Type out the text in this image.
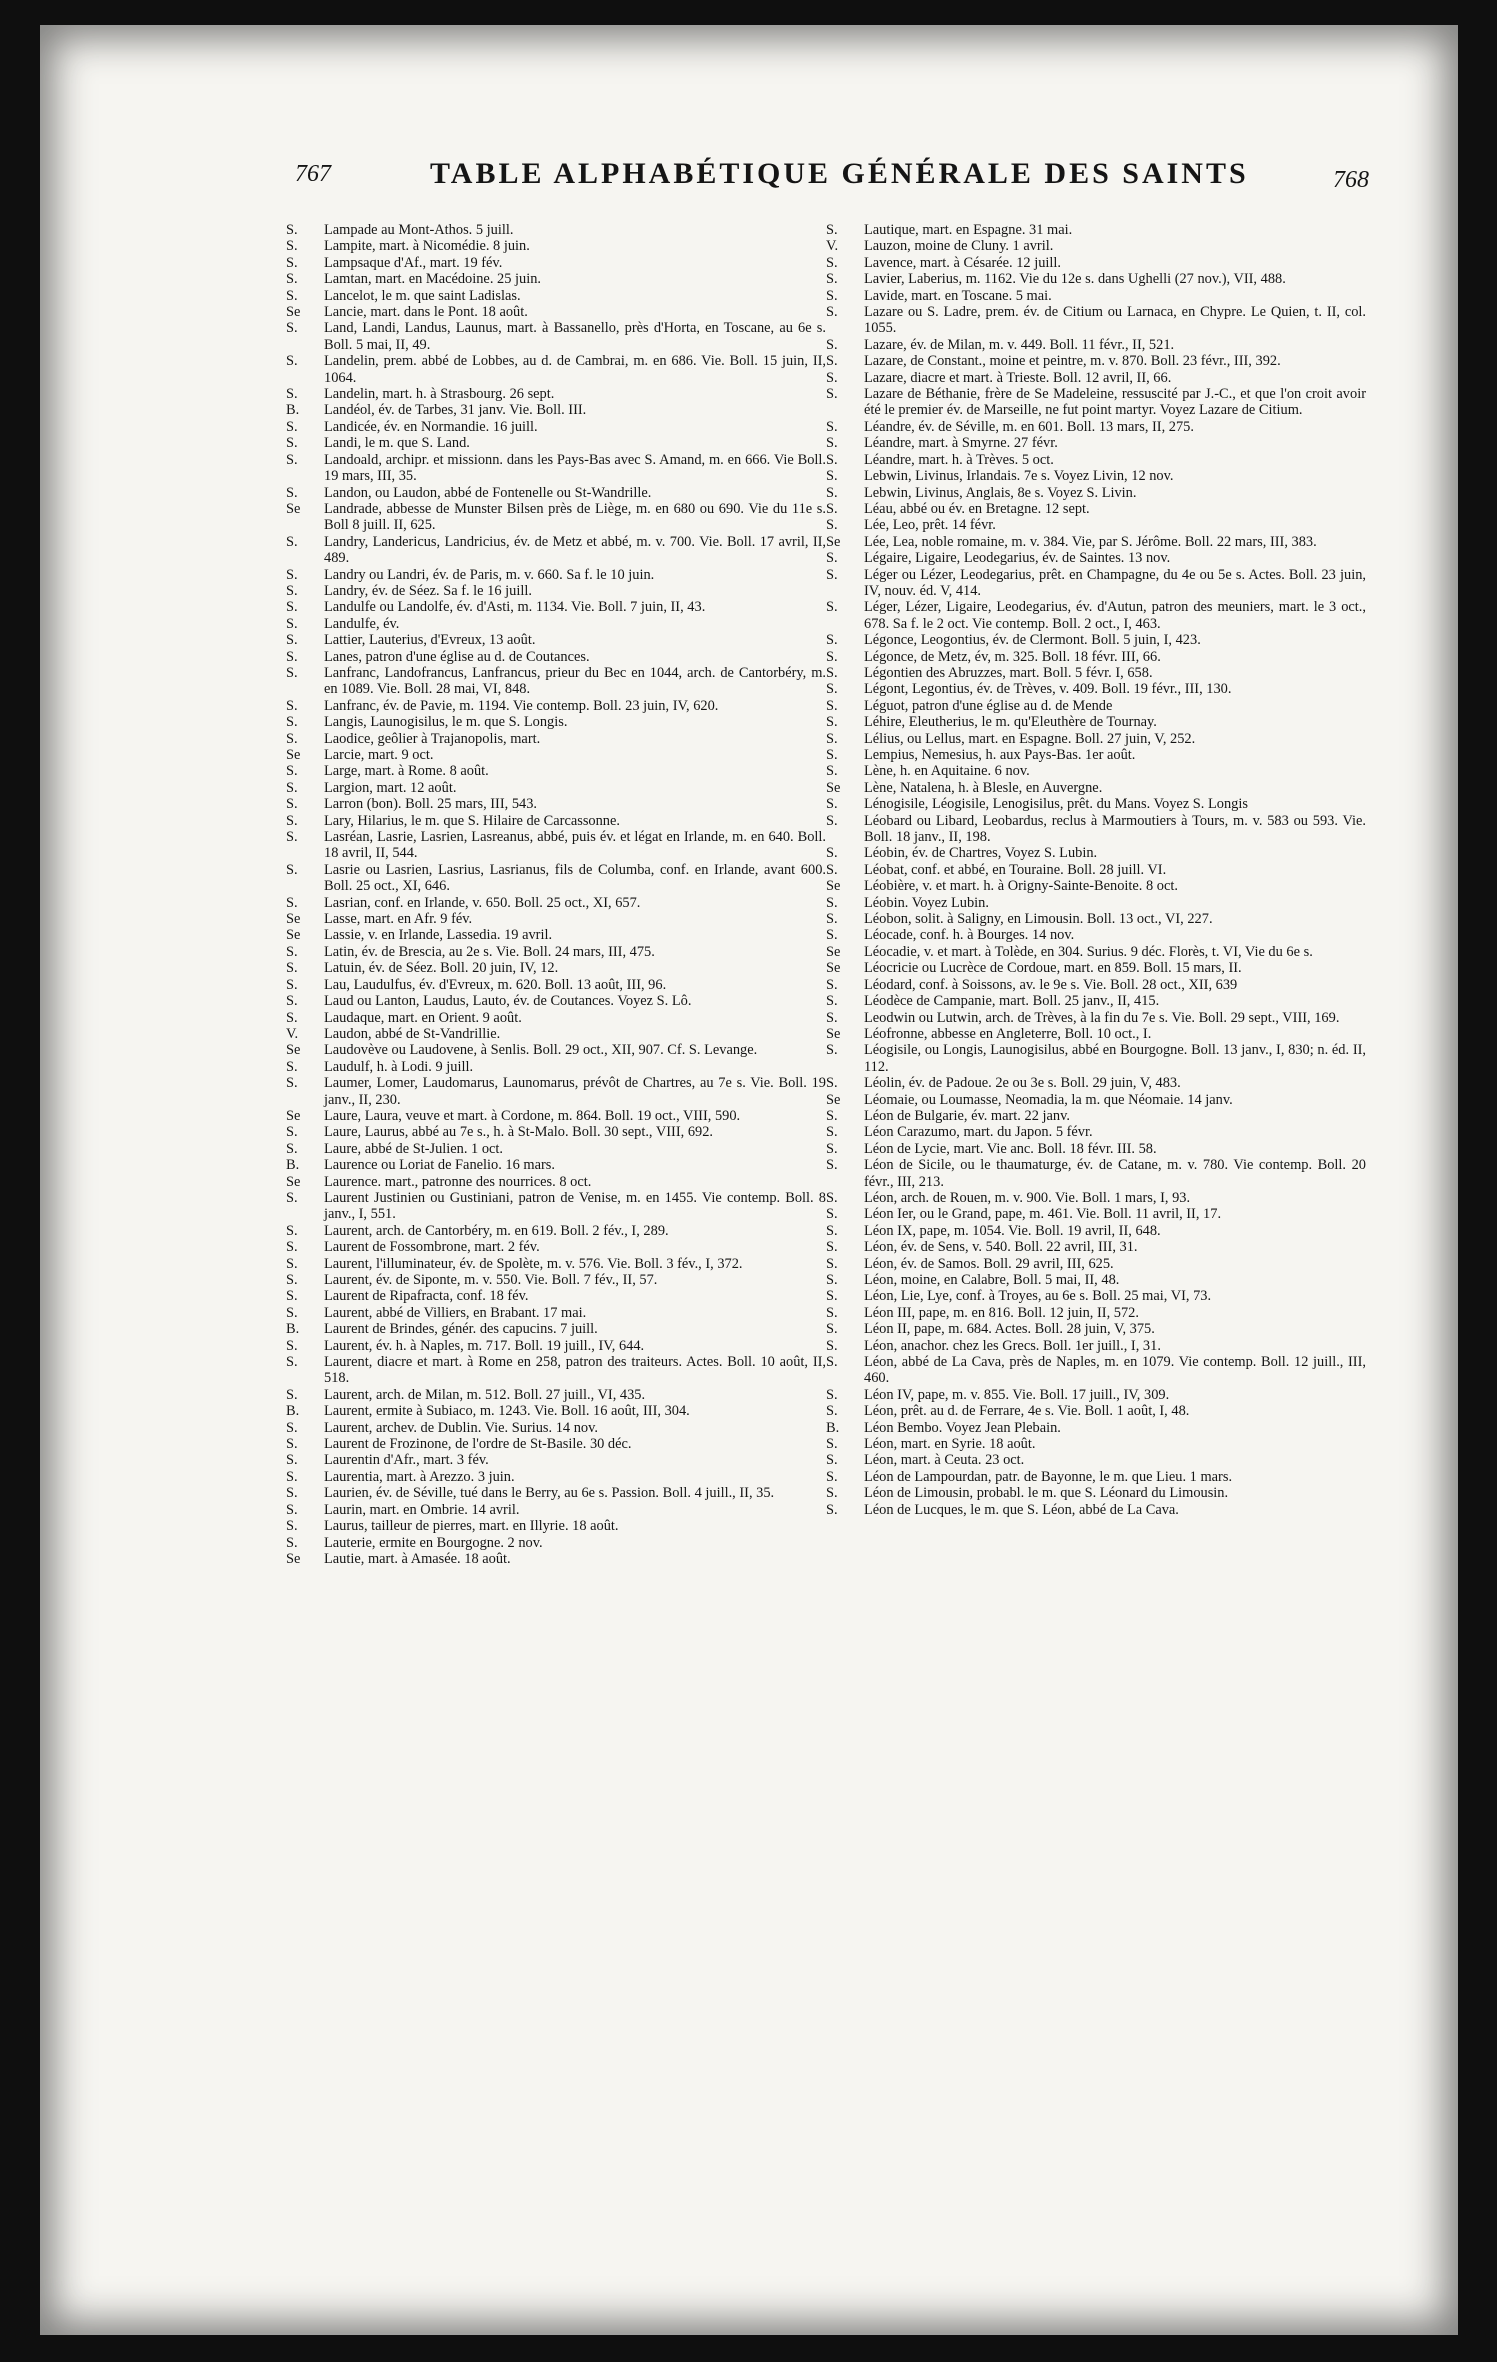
767	TABLE ALPHABÉTIQUE GÉNÉRALE DES SAINTS	768

S. Lampade au Mont-Athos. 5 juill.

S. Lampite, mart. à Nicomédie. 8 juin.

S. Lampsaque d'Af., mart. 19 fév.

S. Lamtan, mart. en Macédoine. 25 juin.

S. Lancelot, le m. que saint Ladislas.

Se Lancie, mart. dans le Pont. 18 août.

S. Land, Landi, Landus, Launus, mart. à Bassanello, près d'Horta, en Toscane, au 6e s. Boll. 5 mai, II, 49.

S. Landelin, prem. abbé de Lobbes, au d. de Cambrai, m. en 686. Vie. Boll. 15 juin, II, 1064.

S. Landelin, mart. h. à Strasbourg. 26 sept.

B. Landéol, év. de Tarbes, 31 janv. Vie. Boll. III.

S. Landicée, év. en Normandie. 16 juill.

S. Landi, le m. que S. Land.

S. Landoald, archipr. et missionn. dans les Pays-Bas avec S. Amand, m. en 666. Vie Boll. 19 mars, III, 35.

S. Landon, ou Laudon, abbé de Fontenelle ou St-Wandrille.

Se Landrade, abbesse de Munster Bilsen près de Liège, m. en 680 ou 690. Vie du 11e s. Boll 8 juill. II, 625.

S. Landry, Landericus, Landricius, év. de Metz et abbé, m. v. 700. Vie. Boll. 17 avril, II, 489.

S. Landry ou Landri, év. de Paris, m. v. 660. Sa f. le 10 juin.

S. Landry, év. de Séez. Sa f. le 16 juill.

S. Landulfe ou Landolfe, év. d'Asti, m. 1134. Vie. Boll. 7 juin, II, 43.

S. Landulfe, év.

S. Lattier, Lauterius, d'Evreux, 13 août.

S. Lanes, patron d'une église au d. de Coutances.

S. Lanfranc, Landofrancus, Lanfrancus, prieur du Bec en 1044, arch. de Cantorbéry, m. en 1089. Vie. Boll. 28 mai, VI, 848.

S. Lanfranc, év. de Pavie, m. 1194. Vie contemp. Boll. 23 juin, IV, 620.

S. Langis, Launogisilus, le m. que S. Longis.

S. Laodice, geôlier à Trajanopolis, mart.

Se Larcie, mart. 9 oct.

S. Large, mart. à Rome. 8 août.

S. Largion, mart. 12 août.

S. Larron (bon). Boll. 25 mars, III, 543.

S. Lary, Hilarius, le m. que S. Hilaire de Carcassonne.

S. Lasréan, Lasrie, Lasrien, Lasreanus, abbé, puis év. et légat en Irlande, m. en 640. Boll. 18 avril, II, 544.

S. Lasrie ou Lasrien, Lasrius, Lasrianus, fils de Columba, conf. en Irlande, avant 600. Boll. 25 oct., XI, 646.

S. Lasrian, conf. en Irlande, v. 650. Boll. 25 oct., XI, 657.

Se Lasse, mart. en Afr. 9 fév.

Se Lassie, v. en Irlande, Lassedia. 19 avril.

S. Latin, év. de Brescia, au 2e s. Vie. Boll. 24 mars, III, 475.

S. Latuin, év. de Séez. Boll. 20 juin, IV, 12.

S. Lau, Laudulfus, év. d'Evreux, m. 620. Boll. 13 août, III, 96.

S. Laud ou Lanton, Laudus, Lauto, év. de Coutances. Voyez S. Lô.

S. Laudaque, mart. en Orient. 9 août.

V. Laudon, abbé de St-Vandrillie.

Se Laudovève ou Laudovene, à Senlis. Boll. 29 oct., XII, 907. Cf. S. Levange.

S. Laudulf, h. à Lodi. 9 juill.

S. Laumer, Lomer, Laudomarus, Launomarus, prévôt de Chartres, au 7e s. Vie. Boll. 19 janv., II, 230.

Se Laure, Laura, veuve et mart. à Cordone, m. 864. Boll. 19 oct., VIII, 590.

S. Laure, Laurus, abbé au 7e s., h. à St-Malo. Boll. 30 sept., VIII, 692.

S. Laure, abbé de St-Julien. 1 oct.

B. Laurence ou Loriat de Fanelio. 16 mars.

Se Laurence. mart., patronne des nourrices. 8 oct.

S. Laurent Justinien ou Gustiniani, patron de Venise, m. en 1455. Vie contemp. Boll. 8 janv., I, 551.

S. Laurent, arch. de Cantorbéry, m. en 619. Boll. 2 fév., I, 289.

S. Laurent de Fossombrone, mart. 2 fév.

S. Laurent, l'illuminateur, év. de Spolète, m. v. 576. Vie. Boll. 3 fév., I, 372.

S. Laurent, év. de Siponte, m. v. 550. Vie. Boll. 7 fév., II, 57.

S. Laurent de Ripafracta, conf. 18 fév.

S. Laurent, abbé de Villiers, en Brabant. 17 mai.

B. Laurent de Brindes, génér. des capucins. 7 juill.

S. Laurent, év. h. à Naples, m. 717. Boll. 19 juill., IV, 644.

S. Laurent, diacre et mart. à Rome en 258, patron des traiteurs. Actes. Boll. 10 août, II, 518.

S. Laurent, arch. de Milan, m. 512. Boll. 27 juill., VI, 435.

B. Laurent, ermite à Subiaco, m. 1243. Vie. Boll. 16 août, III, 304.

S. Laurent, archev. de Dublin. Vie. Surius. 14 nov.

S. Laurent de Frozinone, de l'ordre de St-Basile. 30 déc.

S. Laurentin d'Afr., mart. 3 fév.

S. Laurentia, mart. à Arezzo. 3 juin.

S. Laurien, év. de Séville, tué dans le Berry, au 6e s. Passion. Boll. 4 juill., II, 35.

S. Laurin, mart. en Ombrie. 14 avril.

S. Laurus, tailleur de pierres, mart. en Illyrie. 18 août.

S. Lauterie, ermite en Bourgogne. 2 nov.

Se Lautie, mart. à Amasée. 18 août.

S. Lautique, mart. en Espagne. 31 mai.

V. Lauzon, moine de Cluny. 1 avril.

S. Lavence, mart. à Césarée. 12 juill.

S. Lavier, Laberius, m. 1162. Vie du 12e s. dans Ughelli (27 nov.), VII, 488.

S. Lavide, mart. en Toscane. 5 mai.

S. Lazare ou S. Ladre, prem. év. de Citium ou Larnaca, en Chypre. Le Quien, t. II, col. 1055.

S. Lazare, év. de Milan, m. v. 449. Boll. 11 févr., II, 521.

S. Lazare, de Constant., moine et peintre, m. v. 870. Boll. 23 févr., III, 392.

S. Lazare, diacre et mart. à Trieste. Boll. 12 avril, II, 66.

S. Lazare de Béthanie, frère de Se Madeleine, ressuscité par J.-C., et que l'on croit avoir été le premier év. de Marseille, ne fut point martyr. Voyez Lazare de Citium.

S. Léandre, év. de Séville, m. en 601. Boll. 13 mars, II, 275.

S. Léandre, mart. à Smyrne. 27 févr.

S. Léandre, mart. h. à Trèves. 5 oct.

S. Lebwin, Livinus, Irlandais. 7e s. Voyez Livin, 12 nov.

S. Lebwin, Livinus, Anglais, 8e s. Voyez S. Livin.

S. Léau, abbé ou év. en Bretagne. 12 sept.

S. Lée, Leo, prêt. 14 févr.

Se Lée, Lea, noble romaine, m. v. 384. Vie, par S. Jérôme. Boll. 22 mars, III, 383.

S. Légaire, Ligaire, Leodegarius, év. de Saintes. 13 nov.

S. Léger ou Lézer, Leodegarius, prêt. en Champagne, du 4e ou 5e s. Actes. Boll. 23 juin, IV, nouv. éd. V, 414.

S. Léger, Lézer, Ligaire, Leodegarius, év. d'Autun, patron des meuniers, mart. le 3 oct., 678. Sa f. le 2 oct. Vie contemp. Boll. 2 oct., I, 463.

S. Légonce, Leogontius, év. de Clermont. Boll. 5 juin, I, 423.

S. Légonce, de Metz, év, m. 325. Boll. 18 févr. III, 66.

S. Légontien des Abruzzes, mart. Boll. 5 févr. I, 658.

S. Légont, Legontius, év. de Trèves, v. 409. Boll. 19 févr., III, 130.

S. Léguot, patron d'une église au d. de Mende

S. Léhire, Eleutherius, le m. qu'Eleuthère de Tournay.

S. Lélius, ou Lellus, mart. en Espagne. Boll. 27 juin, V, 252.

S. Lempius, Nemesius, h. aux Pays-Bas. 1er août.

S. Lène, h. en Aquitaine. 6 nov.

Se Lène, Natalena, h. à Blesle, en Auvergne.

S. Lénogisile, Léogisile, Lenogisilus, prêt. du Mans. Voyez S. Longis

S. Léobard ou Libard, Leobardus, reclus à Marmoutiers à Tours, m. v. 583 ou 593. Vie. Boll. 18 janv., II, 198.

S. Léobin, év. de Chartres, Voyez S. Lubin.

S. Léobat, conf. et abbé, en Touraine. Boll. 28 juill. VI.

Se Léobière, v. et mart. h. à Origny-Sainte-Benoite. 8 oct.

S. Léobin. Voyez Lubin.

S. Léobon, solit. à Saligny, en Limousin. Boll. 13 oct., VI, 227.

S. Léocade, conf. h. à Bourges. 14 nov.

Se Léocadie, v. et mart. à Tolède, en 304. Surius. 9 déc. Florès, t. VI, Vie du 6e s.

Se Léocricie ou Lucrèce de Cordoue, mart. en 859. Boll. 15 mars, II.

S. Léodard, conf. à Soissons, av. le 9e s. Vie. Boll. 28 oct., XII, 639

S. Léodèce de Campanie, mart. Boll. 25 janv., II, 415.

S. Leodwin ou Lutwin, arch. de Trèves, à la fin du 7e s. Vie. Boll. 29 sept., VIII, 169.

Se Léofronne, abbesse en Angleterre, Boll. 10 oct., I.

S. Léogisile, ou Longis, Launogisilus, abbé en Bourgogne. Boll. 13 janv., I, 830; n. éd. II, 112.

S. Léolin, év. de Padoue. 2e ou 3e s. Boll. 29 juin, V, 483.

Se Léomaie, ou Loumasse, Neomadia, la m. que Néomaie. 14 janv.

S. Léon de Bulgarie, év. mart. 22 janv.

S. Léon Carazumo, mart. du Japon. 5 févr.

S. Léon de Lycie, mart. Vie anc. Boll. 18 févr. III. 58.

S. Léon de Sicile, ou le thaumaturge, év. de Catane, m. v. 780. Vie contemp. Boll. 20 févr., III, 213.

S. Léon, arch. de Rouen, m. v. 900. Vie. Boll. 1 mars, I, 93.

S. Léon Ier, ou le Grand, pape, m. 461. Vie. Boll. 11 avril, II, 17.

S. Léon IX, pape, m. 1054. Vie. Boll. 19 avril, II, 648.

S. Léon, év. de Sens, v. 540. Boll. 22 avril, III, 31.

S. Léon, év. de Samos. Boll. 29 avril, III, 625.

S. Léon, moine, en Calabre, Boll. 5 mai, II, 48.

S. Léon, Lie, Lye, conf. à Troyes, au 6e s. Boll. 25 mai, VI, 73.

S. Léon III, pape, m. en 816. Boll. 12 juin, II, 572.

S. Léon II, pape, m. 684. Actes. Boll. 28 juin, V, 375.

S. Léon, anachor. chez les Grecs. Boll. 1er juill., I, 31.

S. Léon, abbé de La Cava, près de Naples, m. en 1079. Vie contemp. Boll. 12 juill., III, 460.

S. Léon IV, pape, m. v. 855. Vie. Boll. 17 juill., IV, 309.

S. Léon, prêt. au d. de Ferrare, 4e s. Vie. Boll. 1 août, I, 48.

B. Léon Bembo. Voyez Jean Plebain.

S. Léon, mart. en Syrie. 18 août.

S. Léon, mart. à Ceuta. 23 oct.

S. Léon de Lampourdan, patr. de Bayonne, le m. que Lieu. 1 mars.

S. Léon de Limousin, probabl. le m. que S. Léonard du Limousin.

S. Léon de Lucques, le m. que S. Léon, abbé de La Cava.
